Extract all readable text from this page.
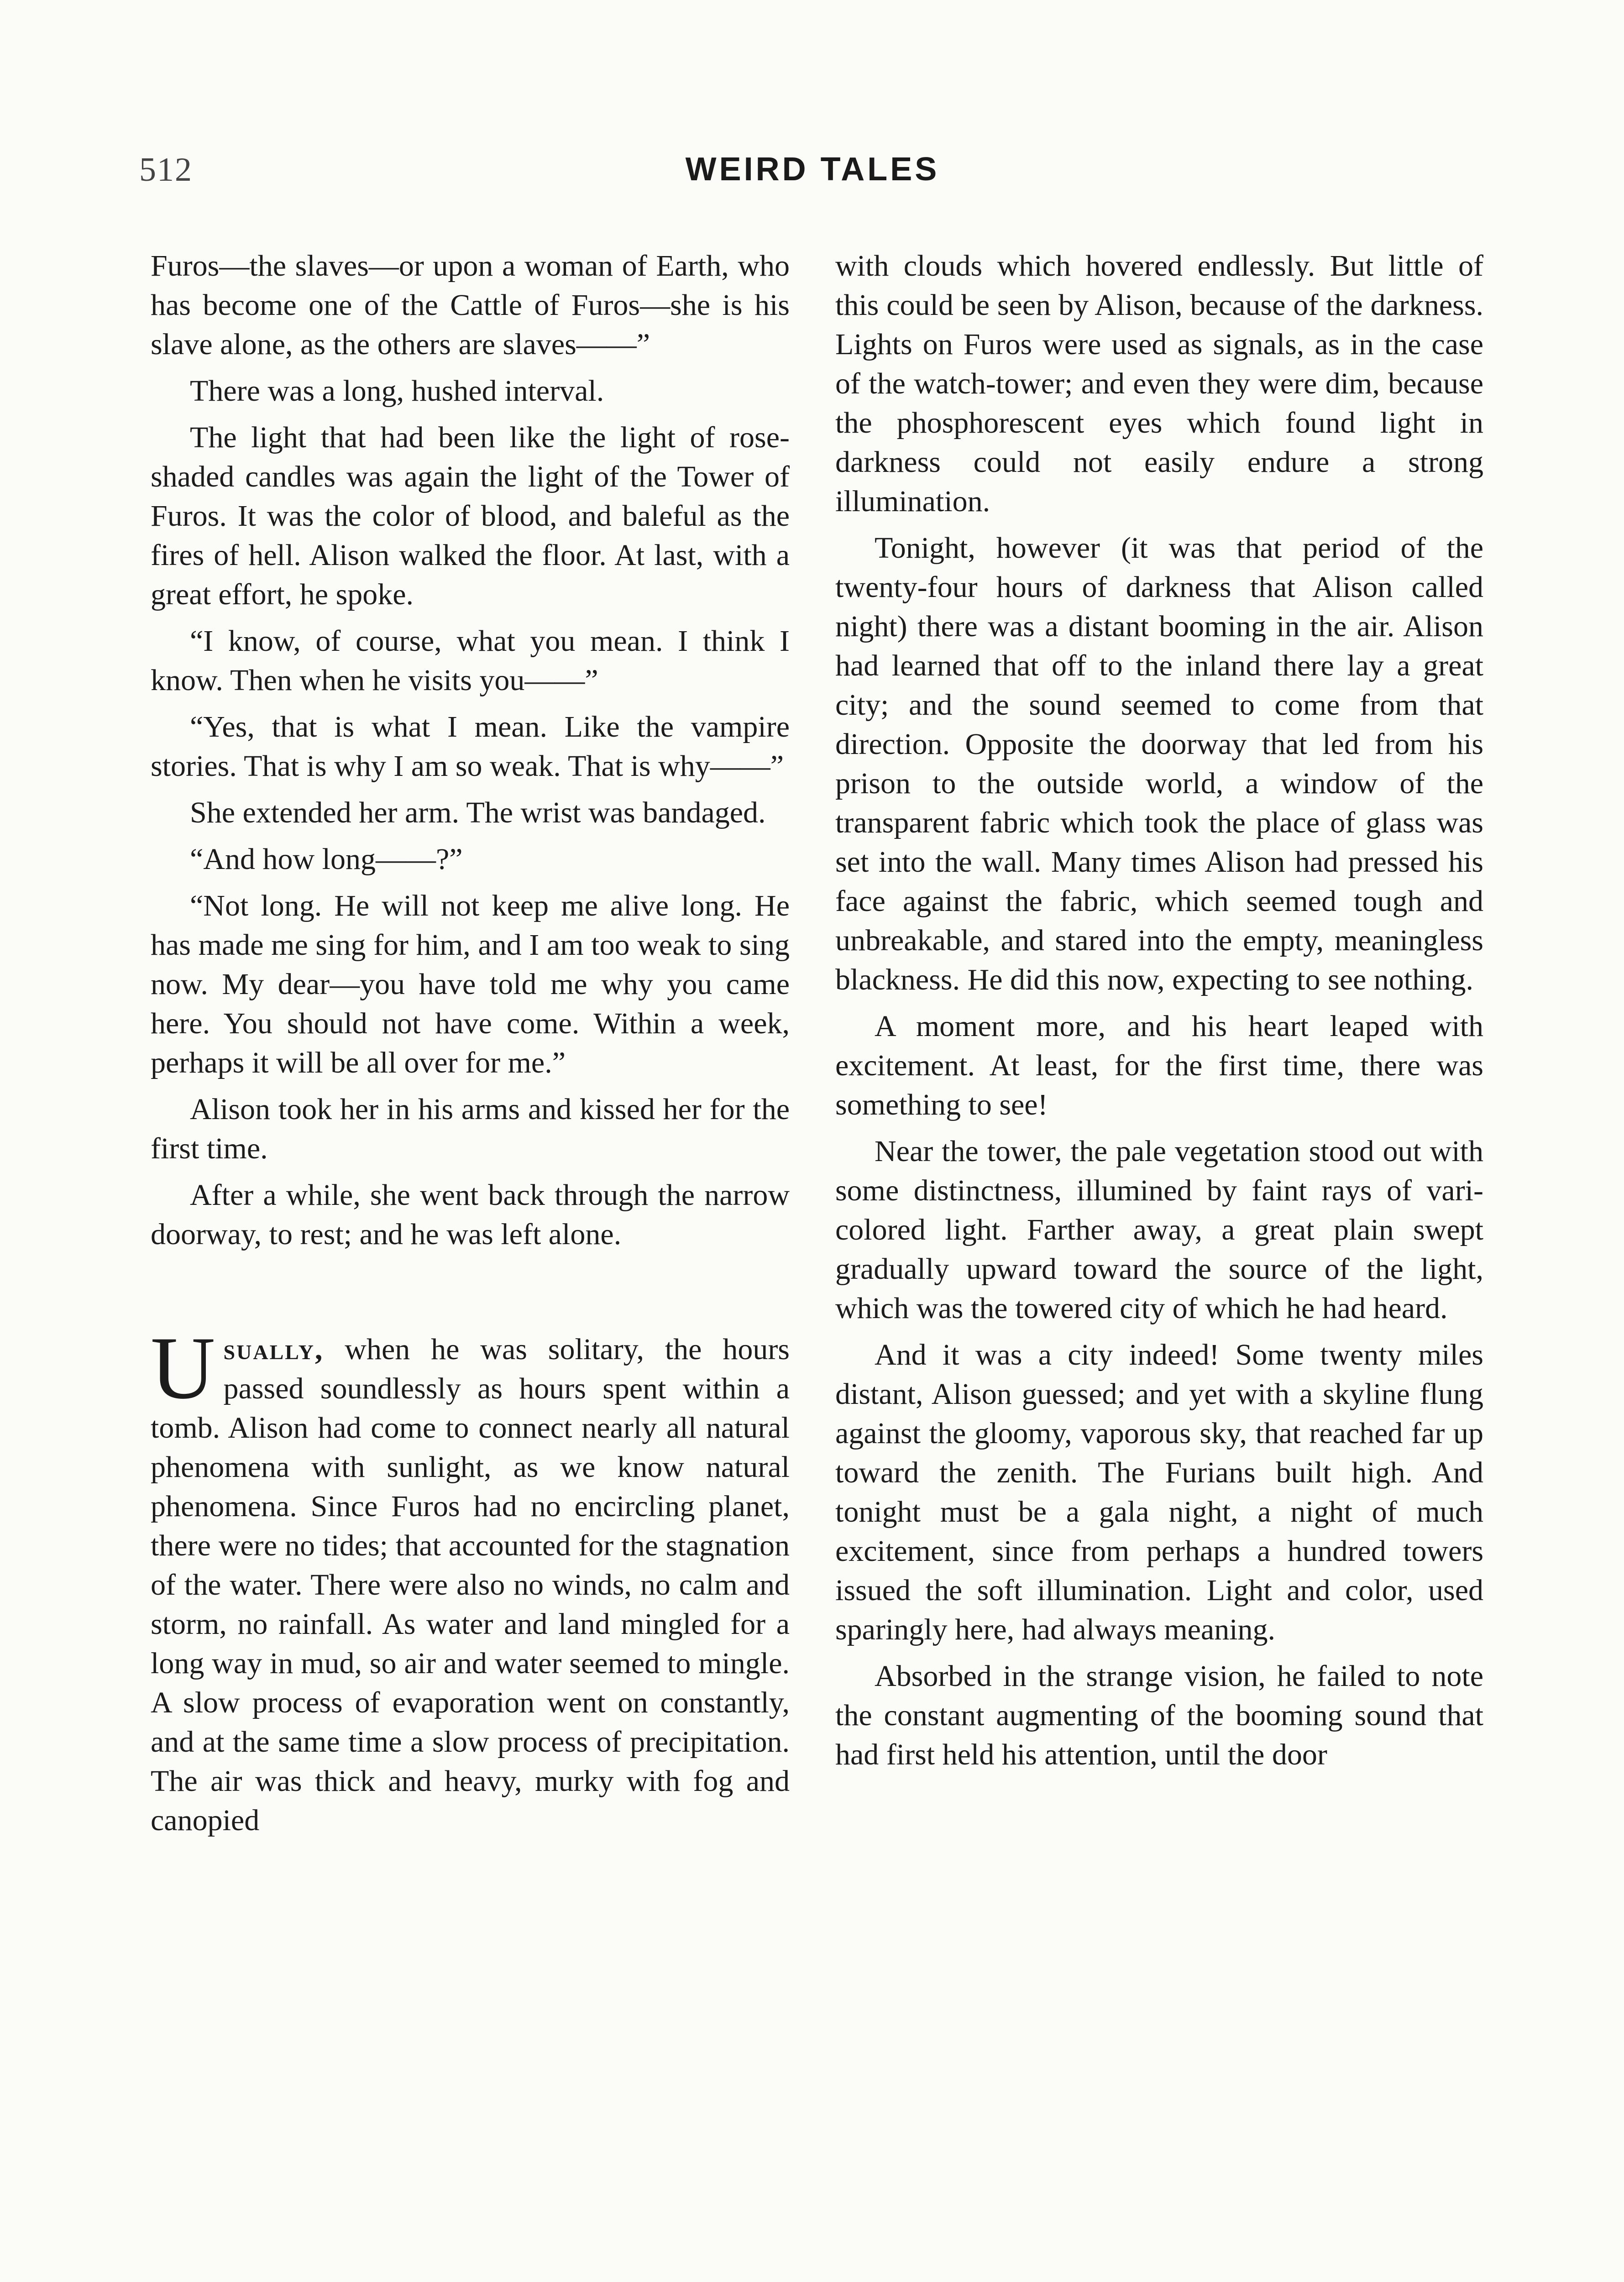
512	WEIRD TALES

Furos—the slaves—or upon a woman of Earth, who has become one of the Cattle of Furos—she is his slave alone, as the others are slaves——”

There was a long, hushed interval.

The light that had been like the light of rose-shaded candles was again the light of the Tower of Furos. It was the color of blood, and baleful as the fires of hell. Alison walked the floor. At last, with a great effort, he spoke.

“I know, of course, what you mean. I think I know. Then when he visits you——”

“Yes, that is what I mean. Like the vampire stories. That is why I am so weak. That is why——”

She extended her arm. The wrist was bandaged.

“And how long——?”

“Not long. He will not keep me alive long. He has made me sing for him, and I am too weak to sing now. My dear—you have told me why you came here. You should not have come. Within a week, perhaps it will be all over for me.”

Alison took her in his arms and kissed her for the first time.

After a while, she went back through the narrow doorway, to rest; and he was left alone.

Usually, when he was solitary, the hours passed soundlessly as hours spent within a tomb. Alison had come to connect nearly all natural phenomena with sunlight, as we know natural phenomena. Since Furos had no encircling planet, there were no tides; that accounted for the stagnation of the water. There were also no winds, no calm and storm, no rainfall. As water and land mingled for a long way in mud, so air and water seemed to mingle. A slow process of evaporation went on constantly, and at the same time a slow process of precipitation. The air was thick and heavy, murky with fog and canopied

with clouds which hovered endlessly. But little of this could be seen by Alison, because of the darkness. Lights on Furos were used as signals, as in the case of the watch-tower; and even they were dim, because the phosphorescent eyes which found light in darkness could not easily endure a strong illumination.

Tonight, however (it was that period of the twenty-four hours of darkness that Alison called night) there was a distant booming in the air. Alison had learned that off to the inland there lay a great city; and the sound seemed to come from that direction. Opposite the doorway that led from his prison to the outside world, a window of the transparent fabric which took the place of glass was set into the wall. Many times Alison had pressed his face against the fabric, which seemed tough and unbreakable, and stared into the empty, meaningless blackness. He did this now, expecting to see nothing.

A moment more, and his heart leaped with excitement. At least, for the first time, there was something to see!

Near the tower, the pale vegetation stood out with some distinctness, illumined by faint rays of vari-colored light. Farther away, a great plain swept gradually upward toward the source of the light, which was the towered city of which he had heard.

And it was a city indeed! Some twenty miles distant, Alison guessed; and yet with a skyline flung against the gloomy, vaporous sky, that reached far up toward the zenith. The Furians built high. And tonight must be a gala night, a night of much excitement, since from perhaps a hundred towers issued the soft illumination. Light and color, used sparingly here, had always meaning.

Absorbed in the strange vision, he failed to note the constant augmenting of the booming sound that had first held his attention, until the door
